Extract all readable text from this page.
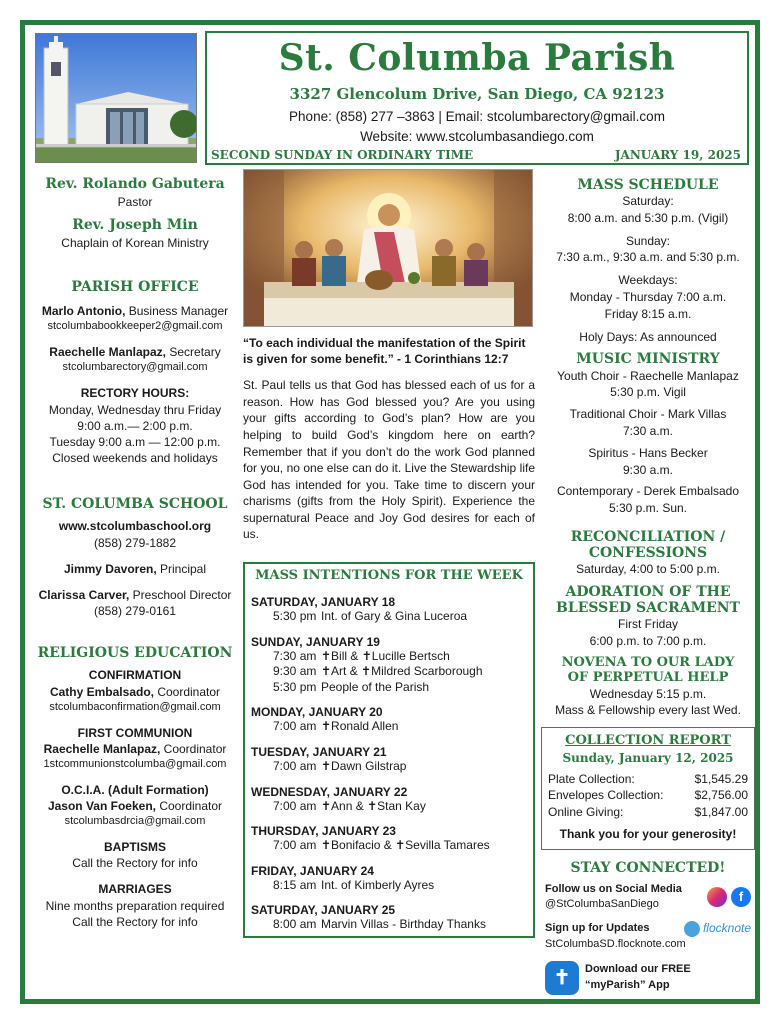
St. Columba Parish
3327 Glencolum Drive, San Diego, CA 92123
Phone: (858) 277 –3863 | Email: stcolumbarectory@gmail.com
Website: www.stcolumbasandiego.com
SECOND SUNDAY IN ORDINARY TIME	JANUARY 19, 2025
Rev. Rolando Gabutera
Pastor
Rev. Joseph Min
Chaplain of Korean Ministry
PARISH OFFICE
Marlo Antonio, Business Manager
stcolumbabookkeeper2@gmail.com
Raechelle Manlapaz, Secretary
stcolumbarectory@gmail.com
RECTORY HOURS:
Monday, Wednesday thru Friday
9:00 a.m.— 2:00 p.m.
Tuesday 9:00 a.m — 12:00 p.m.
Closed weekends and holidays
ST. COLUMBA SCHOOL
www.stcolumbaschool.org
(858) 279-1882
Jimmy Davoren, Principal
Clarissa Carver, Preschool Director
(858) 279-0161
RELIGIOUS EDUCATION
CONFIRMATION
Cathy Embalsado, Coordinator
stcolumbaconfirmation@gmail.com
FIRST COMMUNION
Raechelle Manlapaz, Coordinator
1stcommunionstcolumba@gmail.com
O.C.I.A. (Adult Formation)
Jason Van Foeken, Coordinator
stcolumbasdrcia@gmail.com
BAPTISMS
Call the Rectory for info
MARRIAGES
Nine months preparation required
Call the Rectory for info
“To each individual the manifestation of the Spirit is given for some benefit.” - 1 Corinthians 12:7
St. Paul tells us that God has blessed each of us for a reason. How has God blessed you? Are you using your gifts according to God’s plan? How are you helping to build God’s kingdom here on earth? Remember that if you don’t do the work God planned for you, no one else can do it. Live the Stewardship life God has intended for you. Take time to discern your charisms (gifts from the Holy Spirit). Experience the supernatural Peace and Joy God desires for each of us.
MASS INTENTIONS FOR THE WEEK
SATURDAY, JANUARY 18
5:30 pm Int. of Gary & Gina Luceroa
SUNDAY, JANUARY 19
7:30 am ✝Bill & ✝Lucille Bertsch
9:30 am ✝Art & ✝Mildred Scarborough
5:30 pm People of the Parish
MONDAY, JANUARY 20
7:00 am ✝Ronald Allen
TUESDAY, JANUARY 21
7:00 am ✝Dawn Gilstrap
WEDNESDAY, JANUARY 22
7:00 am ✝Ann & ✝Stan Kay
THURSDAY, JANUARY 23
7:00 am ✝Bonifacio & ✝Sevilla Tamares
FRIDAY, JANUARY 24
8:15 am Int. of Kimberly Ayres
SATURDAY, JANUARY 25
8:00 am Marvin Villas - Birthday Thanks
MASS SCHEDULE
Saturday:
8:00 a.m. and 5:30 p.m. (Vigil)
Sunday:
7:30 a.m., 9:30 a.m. and 5:30 p.m.
Weekdays:
Monday - Thursday 7:00 a.m.
Friday 8:15 a.m.
Holy Days: As announced
MUSIC MINISTRY
Youth Choir - Raechelle Manlapaz
5:30 p.m. Vigil
Traditional Choir - Mark Villas
7:30 a.m.
Spiritus - Hans Becker
9:30 a.m.
Contemporary - Derek Embalsado
5:30 p.m. Sun.
RECONCILIATION /
CONFESSIONS
Saturday, 4:00 to 5:00 p.m.
ADORATION OF THE
BLESSED SACRAMENT
First Friday
6:00 p.m. to 7:00 p.m.
NOVENA TO OUR LADY
OF PERPETUAL HELP
Wednesday 5:15 p.m.
Mass & Fellowship every last Wed.
COLLECTION REPORT
Sunday, January 12, 2025
Plate Collection:	$1,545.29
Envelopes Collection:	$2,756.00
Online Giving:	$1,847.00
Thank you for your generosity!
STAY CONNECTED!
Follow us on Social Media
@StColumbaSanDiego	f
Sign up for Updates	flocknote
StColumbaSD.flocknote.com
✝	Download our FREE
“myParish” App
